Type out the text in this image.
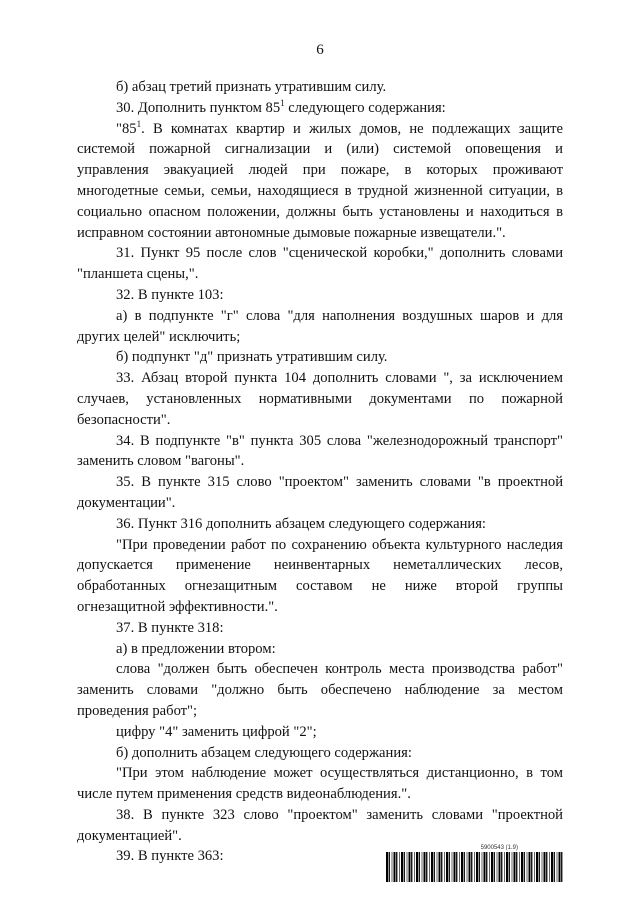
6

б) абзац третий признать утратившим силу.

30. Дополнить пунктом $85^1$ следующего содержания:

"$85^1$. В комнатах квартир и жилых домов, не подлежащих защите системой пожарной сигнализации и (или) системой оповещения и управления эвакуацией людей при пожаре, в которых проживают многодетные семьи, семьи, находящиеся в трудной жизненной ситуации, в социально опасном положении, должны быть установлены и находиться в исправном состоянии автономные дымовые пожарные извещатели.".

31. Пункт 95 после слов "сценической коробки," дополнить словами "планшета сцены,".

32. В пункте 103:

а) в подпункте "г" слова "для наполнения воздушных шаров и для других целей" исключить;

б) подпункт "д" признать утратившим силу.

33. Абзац второй пункта 104 дополнить словами ", за исключением случаев, установленных нормативными документами по пожарной безопасности".

34. В подпункте "в" пункта 305 слова "железнодорожный транспорт" заменить словом "вагоны".

35. В пункте 315 слово "проектом" заменить словами "в проектной документации".

36. Пункт 316 дополнить абзацем следующего содержания:

"При проведении работ по сохранению объекта культурного наследия допускается применение неинвентарных неметаллических лесов, обработанных огнезащитным составом не ниже второй группы огнезащитной эффективности.".

37. В пункте 318:

а) в предложении втором:

слова "должен быть обеспечен контроль места производства работ" заменить словами "должно быть обеспечено наблюдение за местом проведения работ";

цифру "4" заменить цифрой "2";

б) дополнить абзацем следующего содержания:

"При этом наблюдение может осуществляться дистанционно, в том числе путем применения средств видеонаблюдения.".

38. В пункте 323 слово "проектом" заменить словами "проектной документацией".

39. В пункте 363:

5900543 (1.9)
